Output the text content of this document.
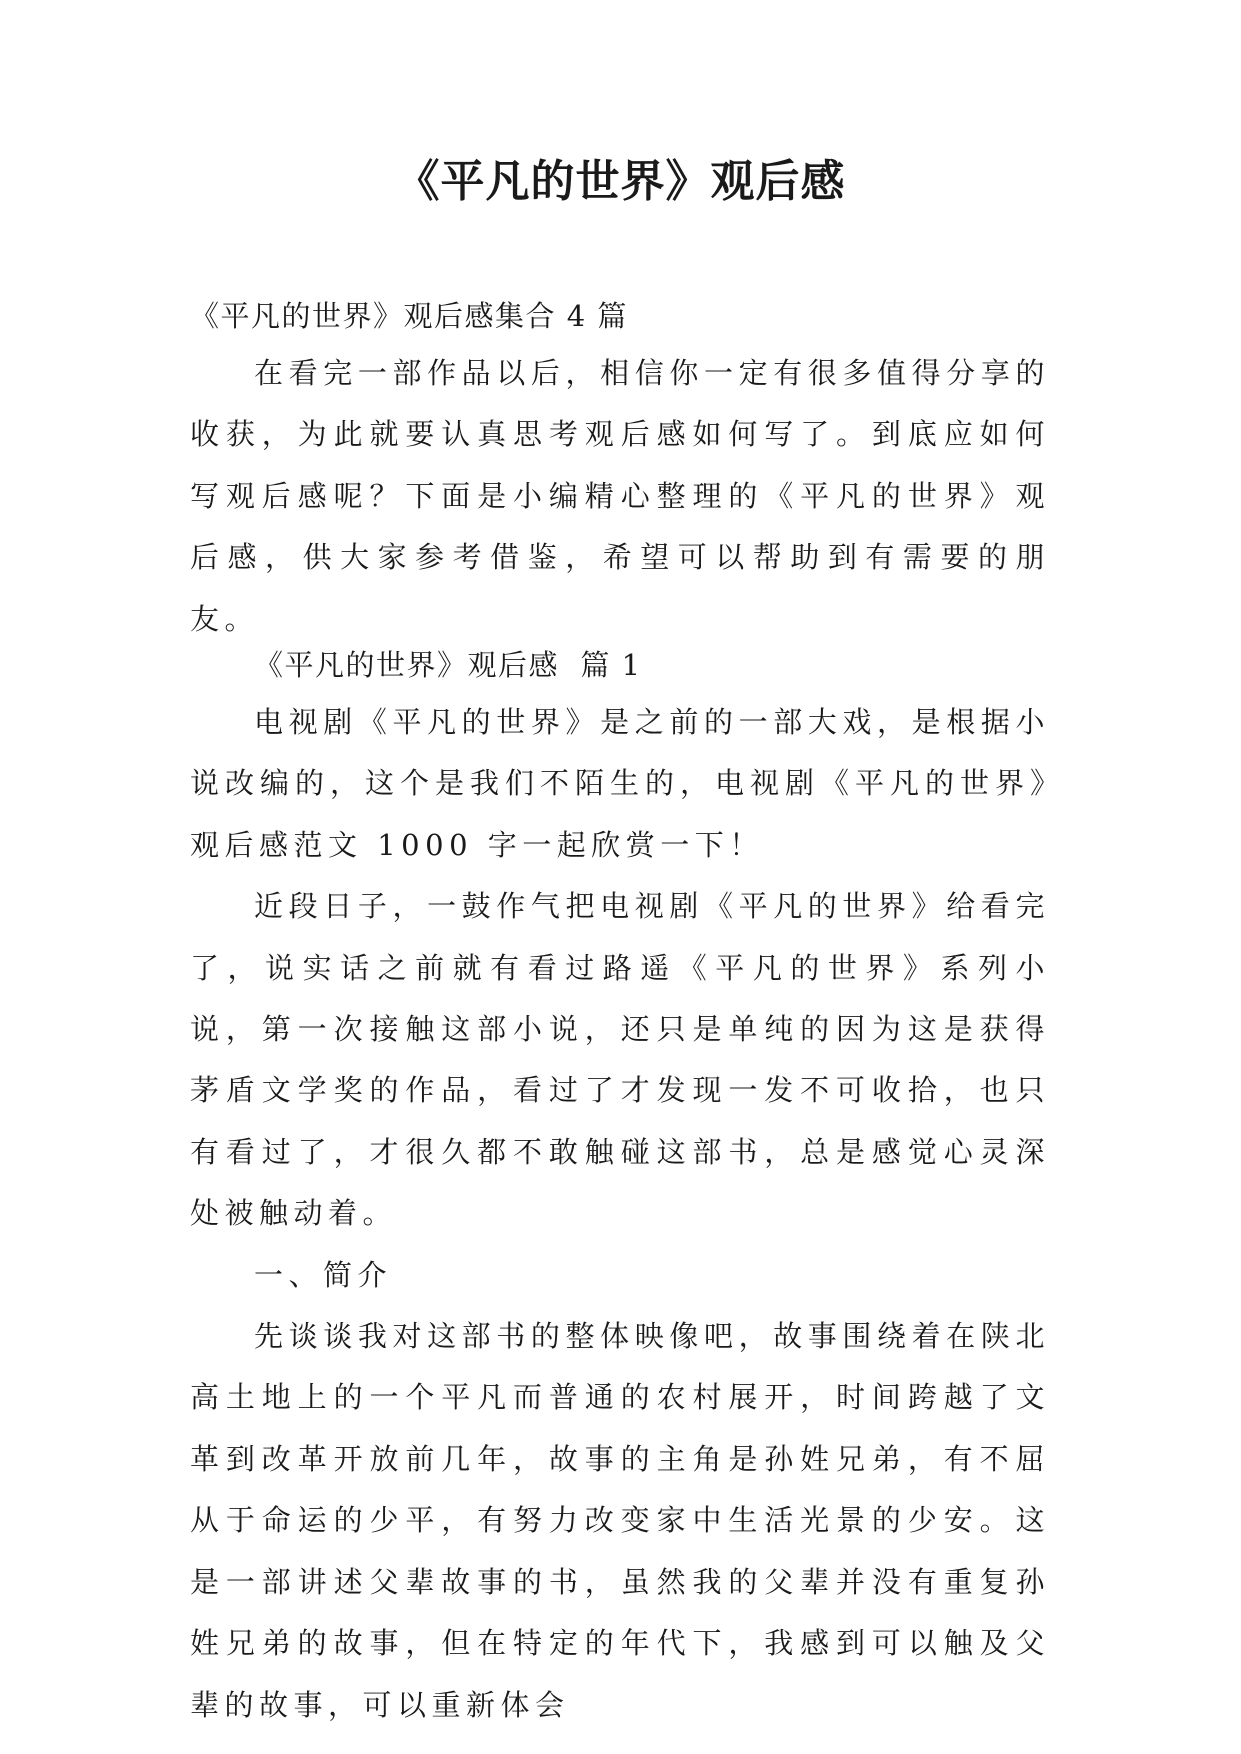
《平凡的世界》观后感
《平凡的世界》观后感集合 4 篇

在看完一部作品以后，相信你一定有很多值得分享的收获，为此就要认真思考观后感如何写了。到底应如何写观后感呢？下面是小编精心整理的《平凡的世界》观后感，供大家参考借鉴，希望可以帮助到有需要的朋友。

《平凡的世界》观后感  篇 1

电视剧《平凡的世界》是之前的一部大戏，是根据小说改编的，这个是我们不陌生的，电视剧《平凡的世界》观后感范文 1000 字一起欣赏一下！

近段日子，一鼓作气把电视剧《平凡的世界》给看完了，说实话之前就有看过路遥《平凡的世界》系列小说，第一次接触这部小说，还只是单纯的因为这是获得茅盾文学奖的作品，看过了才发现一发不可收拾，也只有看过了，才很久都不敢触碰这部书，总是感觉心灵深处被触动着。

一、简介

先谈谈我对这部书的整体映像吧，故事围绕着在陕北高土地上的一个平凡而普通的农村展开，时间跨越了文革到改革开放前几年，故事的主角是孙姓兄弟，有不屈从于命运的少平，有努力改变家中生活光景的少安。这是一部讲述父辈故事的书，虽然我的父辈并没有重复孙姓兄弟的故事，但在特定的年代下，我感到可以触及父辈的故事，可以重新体会
